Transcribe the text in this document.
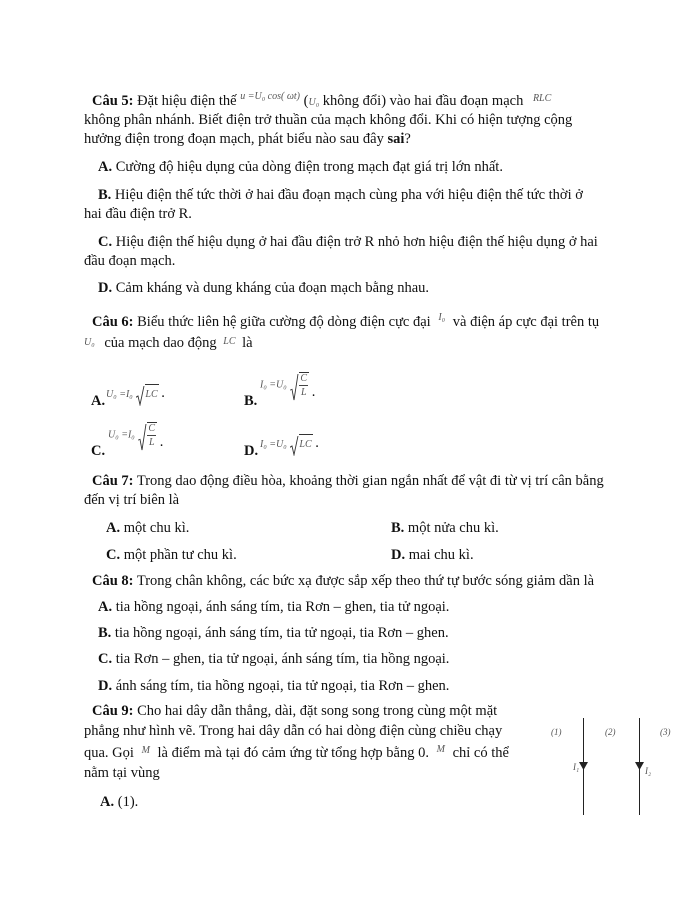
Câu 5: Đặt hiệu điện thế $^{u =U_0 cos( \omega t)}$ (U₀ không đổi) vào hai đầu đoạn mạch $^{RLC}$
không phân nhánh. Biết điện trở thuần của mạch không đổi. Khi có hiện tượng cộng
hưởng điện trong đoạn mạch, phát biểu nào sau đây sai?
A. Cường độ hiệu dụng của dòng điện trong mạch đạt giá trị lớn nhất.
B. Hiệu điện thế tức thời ở hai đầu đoạn mạch cùng pha với hiệu điện thế tức thời ở
hai đầu điện trở R.
C. Hiệu điện thế hiệu dụng ở hai đầu điện trở R nhỏ hơn hiệu điện thế hiệu dụng ở hai
đầu đoạn mạch.
D. Cảm kháng và dung kháng của đoạn mạch bằng nhau.
Câu 6: Biểu thức liên hệ giữa cường độ dòng điện cực đại $^{I_0}$ và điện áp cực đại trên tụ
U₀ của mạch dao động $^{LC}$ là
A. U₀ =I₀ LC .	B.
$I_0 =U_0 \frac{C}{L}$ .
C.
$U_0 =I_0 \frac{C}{L}$ .
D. I₀ =U₀ LC .
Câu 7: Trong dao động điều hòa, khoảng thời gian ngắn nhất để vật đi từ vị trí cân bằng
đến vị trí biên là
A. một chu kì.	B. một nửa chu kì.
C. một phần tư chu kì.	D. mai chu kì.
Câu 8: Trong chân không, các bức xạ được sắp xếp theo thứ tự bước sóng giảm dần là
A. tia hồng ngoại, ánh sáng tím, tia Rơn – ghen, tia tử ngoại.
B. tia hồng ngoại, ánh sáng tím, tia tử ngoại, tia Rơn – ghen.
C. tia Rơn – ghen, tia tử ngoại, ánh sáng tím, tia hồng ngoại.
D. ánh sáng tím, tia hồng ngoại, tia tử ngoại, tia Rơn – ghen.
Câu 9: Cho hai dây dẫn thẳng, dài, đặt song song trong cùng một mặt
phẳng như hình vẽ. Trong hai dây dẫn có hai dòng điện cùng chiều chạy
qua. Gọi $^M$ là điểm mà tại đó cảm ứng từ tổng hợp bằng 0. $^M$ chỉ có thể
nằm tại vùng
A. (1).
(1)	(2)	(3)
I₁	I₂
